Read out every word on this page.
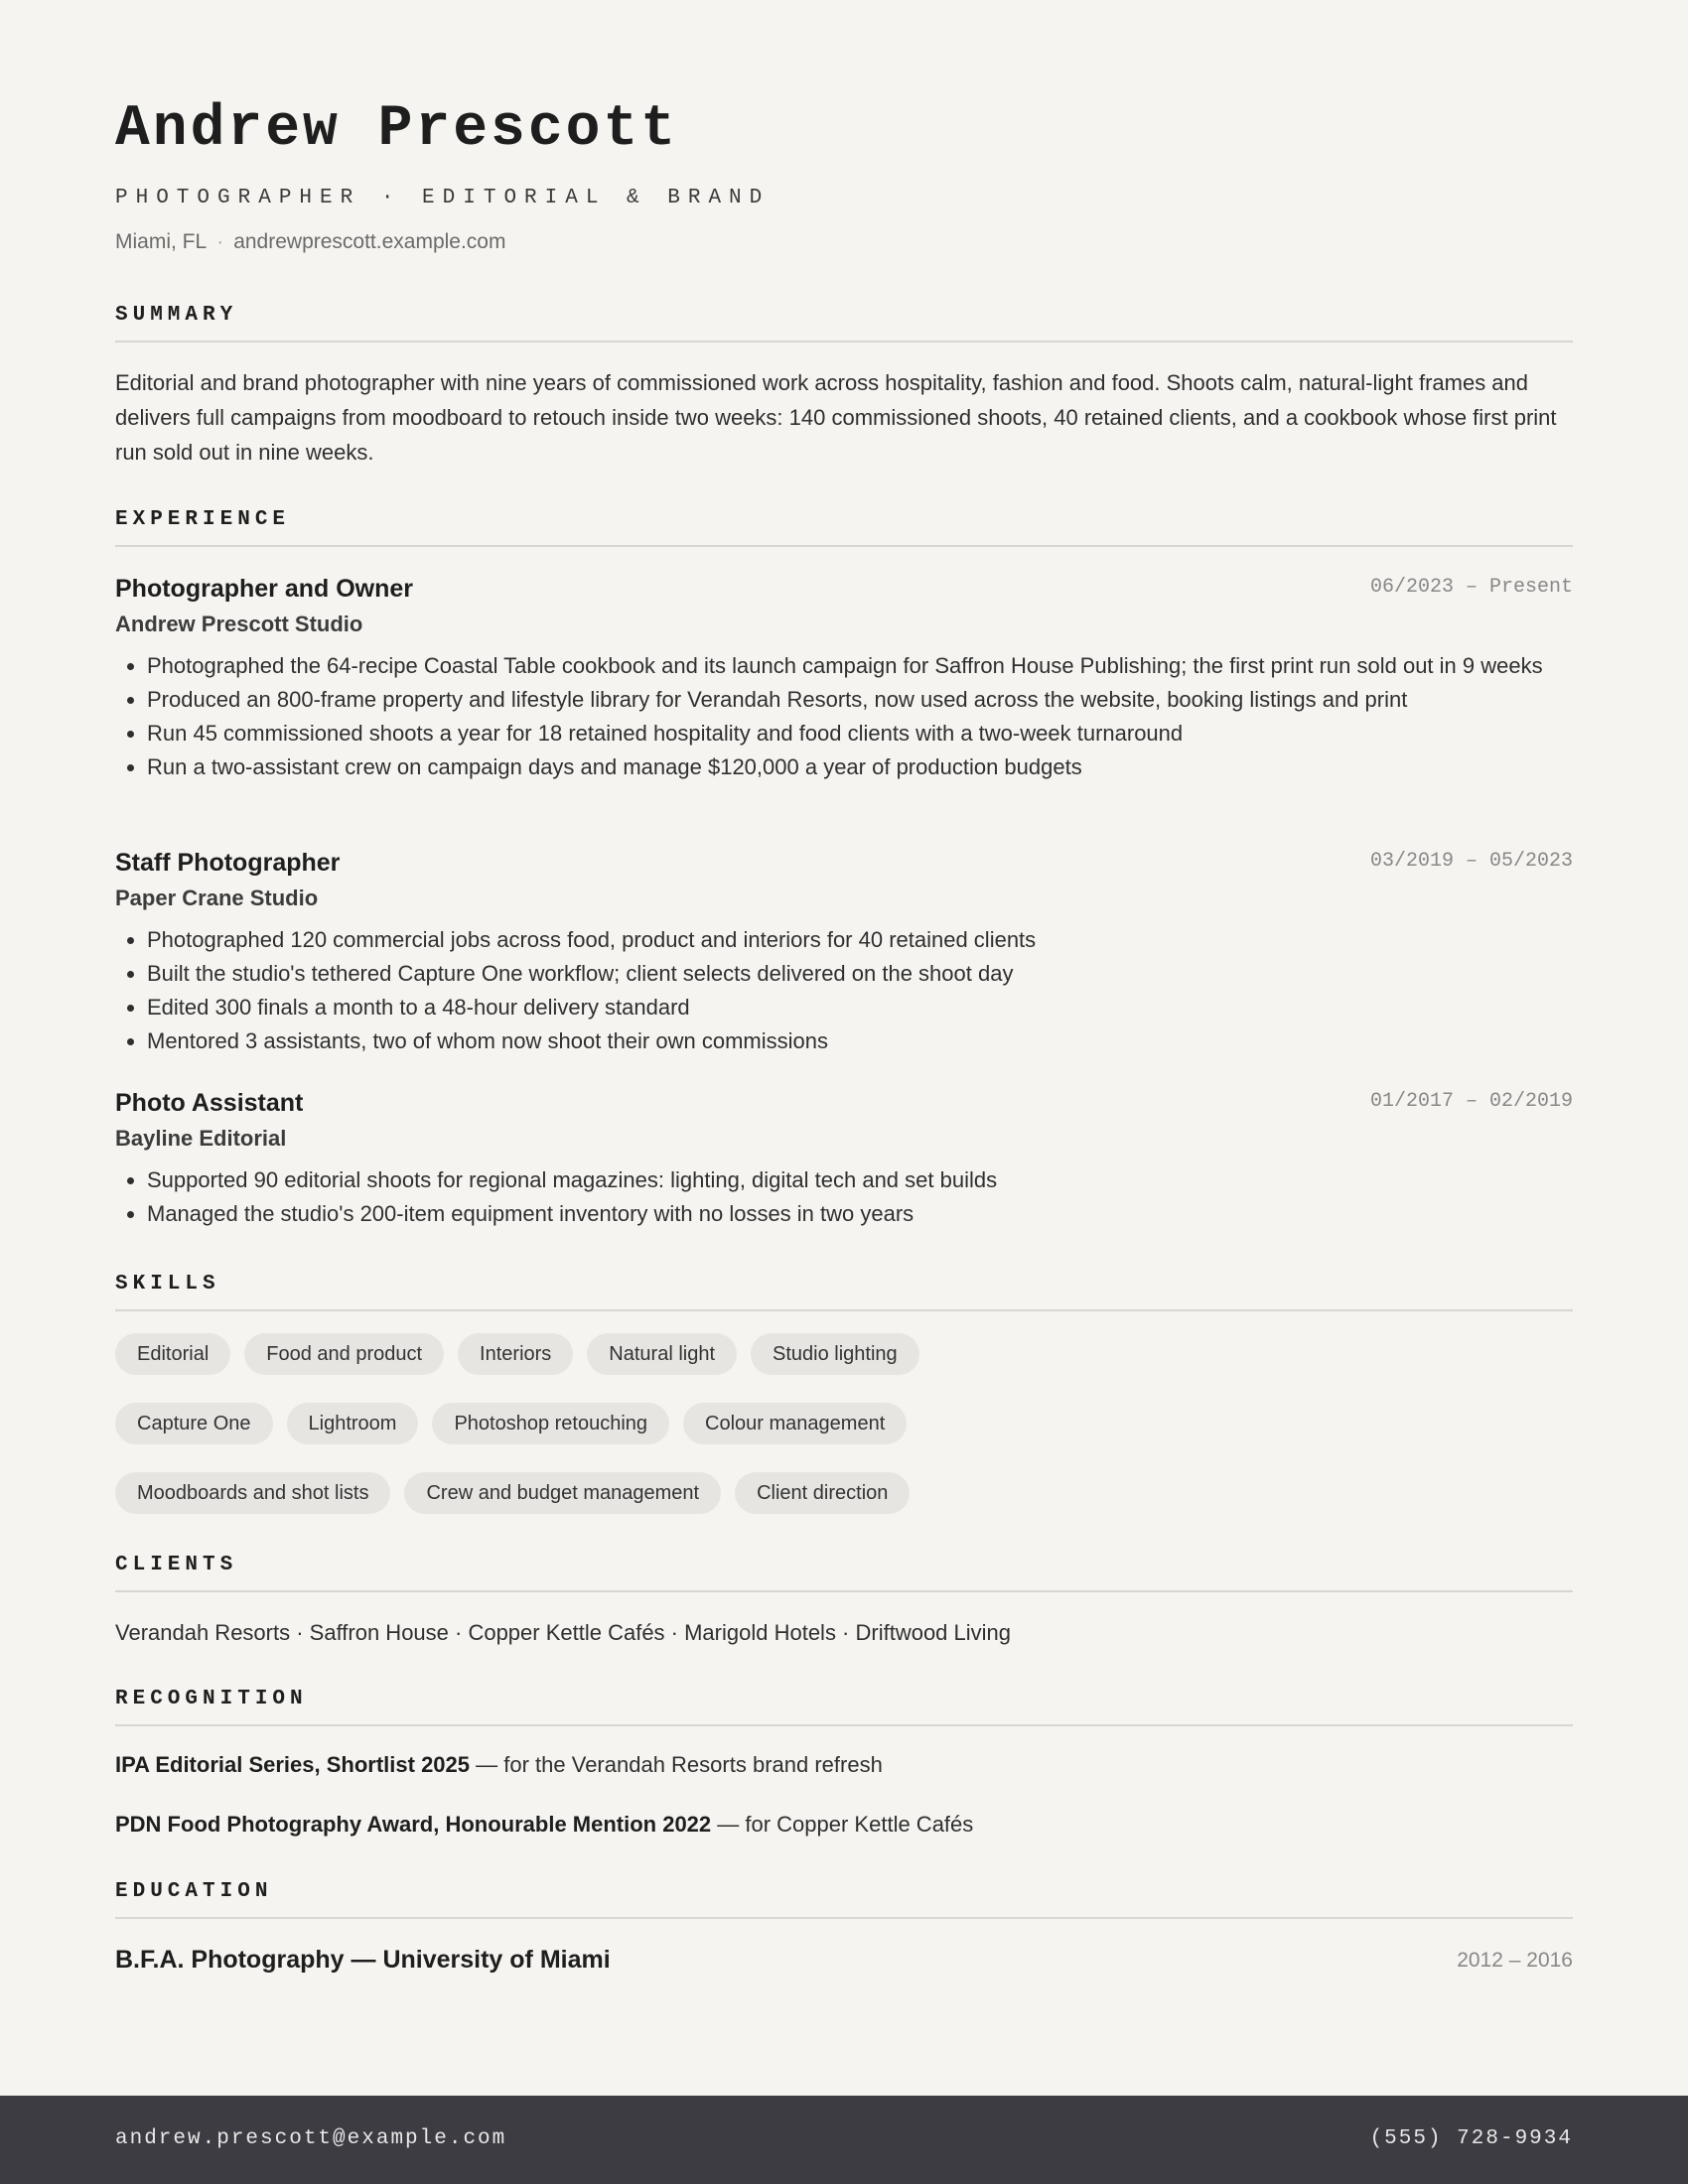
Andrew Prescott
PHOTOGRAPHER · EDITORIAL & BRAND
Miami, FL · andrewprescott.example.com
SUMMARY
Editorial and brand photographer with nine years of commissioned work across hospitality, fashion and food. Shoots calm, natural-light frames and delivers full campaigns from moodboard to retouch inside two weeks: 140 commissioned shoots, 40 retained clients, and a cookbook whose first print run sold out in nine weeks.
EXPERIENCE
Photographer and Owner	06/2023 – Present
Andrew Prescott Studio
• Photographed the 64-recipe Coastal Table cookbook and its launch campaign for Saffron House Publishing; the first print run sold out in 9 weeks
• Produced an 800-frame property and lifestyle library for Verandah Resorts, now used across the website, booking listings and print
• Run 45 commissioned shoots a year for 18 retained hospitality and food clients with a two-week turnaround
• Run a two-assistant crew on campaign days and manage $120,000 a year of production budgets
Staff Photographer	03/2019 – 05/2023
Paper Crane Studio
• Photographed 120 commercial jobs across food, product and interiors for 40 retained clients
• Built the studio's tethered Capture One workflow; client selects delivered on the shoot day
• Edited 300 finals a month to a 48-hour delivery standard
• Mentored 3 assistants, two of whom now shoot their own commissions
Photo Assistant	01/2017 – 02/2019
Bayline Editorial
• Supported 90 editorial shoots for regional magazines: lighting, digital tech and set builds
• Managed the studio's 200-item equipment inventory with no losses in two years
SKILLS
Editorial	Food and product	Interiors	Natural light	Studio lighting
Capture One	Lightroom	Photoshop retouching	Colour management
Moodboards and shot lists	Crew and budget management	Client direction
CLIENTS
Verandah Resorts · Saffron House · Copper Kettle Cafés · Marigold Hotels · Driftwood Living
RECOGNITION
IPA Editorial Series, Shortlist 2025 — for the Verandah Resorts brand refresh
PDN Food Photography Award, Honourable Mention 2022 — for Copper Kettle Cafés
EDUCATION
B.F.A. Photography — University of Miami	2012 – 2016
andrew.prescott@example.com	(555) 728-9934
